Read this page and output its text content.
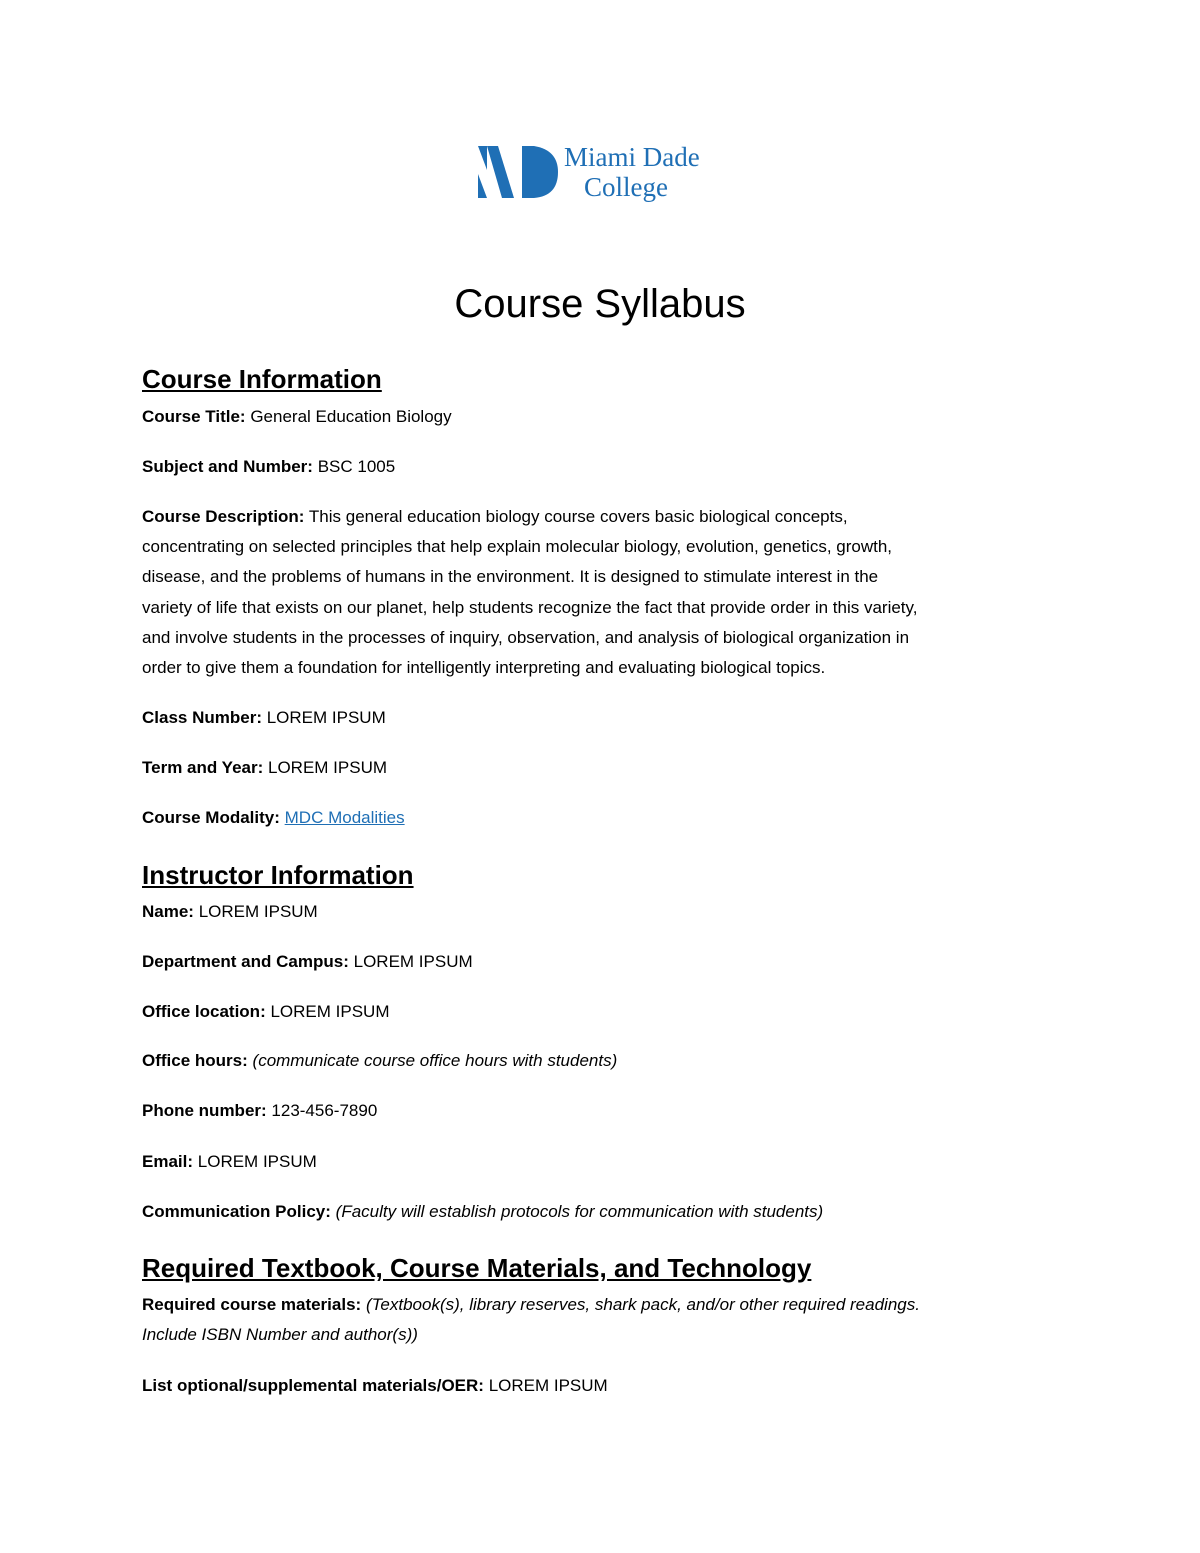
Miami Dade
College
Course Syllabus
Course Information
Course Title: General Education Biology
Subject and Number: BSC 1005
Course Description: This general education biology course covers basic biological concepts,
concentrating on selected principles that help explain molecular biology, evolution, genetics, growth,
disease, and the problems of humans in the environment. It is designed to stimulate interest in the
variety of life that exists on our planet, help students recognize the fact that provide order in this variety,
and involve students in the processes of inquiry, observation, and analysis of biological organization in
order to give them a foundation for intelligently interpreting and evaluating biological topics.
Class Number: LOREM IPSUM
Term and Year: LOREM IPSUM
Course Modality: MDC Modalities
Instructor Information
Name: LOREM IPSUM
Department and Campus: LOREM IPSUM
Office location: LOREM IPSUM
Office hours: (communicate course office hours with students)
Phone number: 123-456-7890
Email: LOREM IPSUM
Communication Policy: (Faculty will establish protocols for communication with students)
Required Textbook, Course Materials, and Technology
Required course materials: (Textbook(s), library reserves, shark pack, and/or other required readings.
Include ISBN Number and author(s))
List optional/supplemental materials/OER: LOREM IPSUM
